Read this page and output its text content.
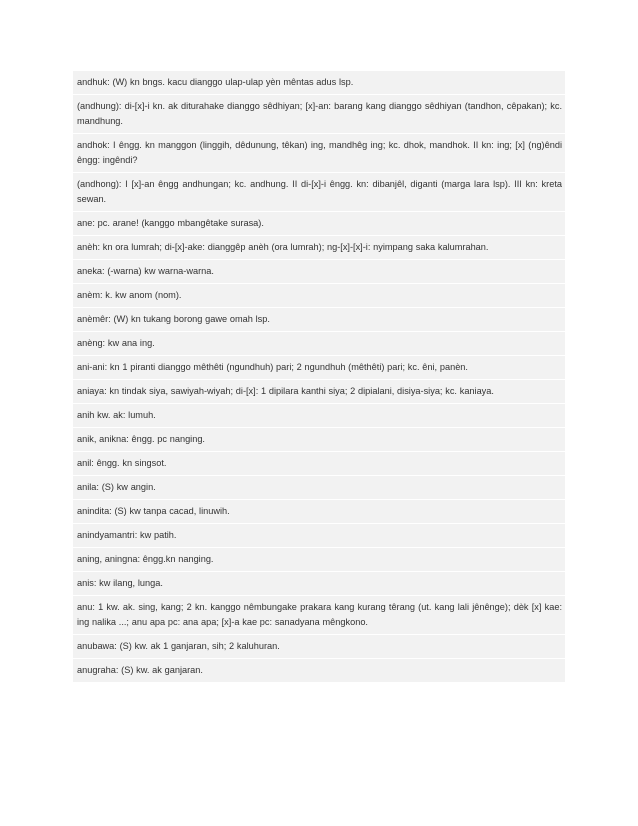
andhuk: (W) kn bngs. kacu dianggo ulap-ulap yèn mêntas adus lsp.
(andhung): di-[x]-i kn. ak diturahake dianggo sêdhiyan; [x]-an: barang kang dianggo sêdhiyan (tandhon, cêpakan); kc. mandhung.
andhok: I êngg. kn manggon (linggih, dêdunung, têkan) ing, mandhêg ing; kc. dhok, mandhok. II kn: ing; [x] (ng)êndi êngg: ingêndi?
(andhong): I [x]-an êngg andhungan; kc. andhung. II di-[x]-i êngg. kn: dibanjêl, diganti (marga lara lsp). III kn: kreta sewan.
ane: pc. arane! (kanggo mbangêtake surasa).
anèh: kn ora lumrah; di-[x]-ake: dianggêp anèh (ora lumrah); ng-[x]-[x]-i: nyimpang saka kalumrahan.
aneka: (-warna) kw warna-warna.
anèm: k. kw anom (nom).
anèmêr: (W) kn tukang borong gawe omah lsp.
anèng: kw ana ing.
ani-ani: kn 1 piranti dianggo mêthêti (ngundhuh) pari; 2 ngundhuh (mêthêti) pari; kc. êni, panèn.
aniaya: kn tindak siya, sawiyah-wiyah; di-[x]: 1 dipilara kanthi siya; 2 dipialani, disiya-siya; kc. kaniaya.
anih kw. ak: lumuh.
anik, aniknа: êngg. pc nanging.
anil: êngg. kn singsot.
anila: (S) kw angin.
anindita: (S) kw tanpa cacad, linuwih.
anindyamantri: kw patih.
aning, aningna: êngg.kn nanging.
anis: kw ilang, lunga.
anu: 1 kw. ak. sing, kang; 2 kn. kanggo nêmbungake prakara kang kurang têrang (ut. kang lali jênênge); dèk [x] kae: ing nalika ...; anu apa pc: ana apa; [x]-a kae pc: sanadyana mêngkono.
anubawa: (S) kw. ak 1 ganjaran, sih; 2 kaluhuran.
anugraha: (S) kw. ak ganjaran.
